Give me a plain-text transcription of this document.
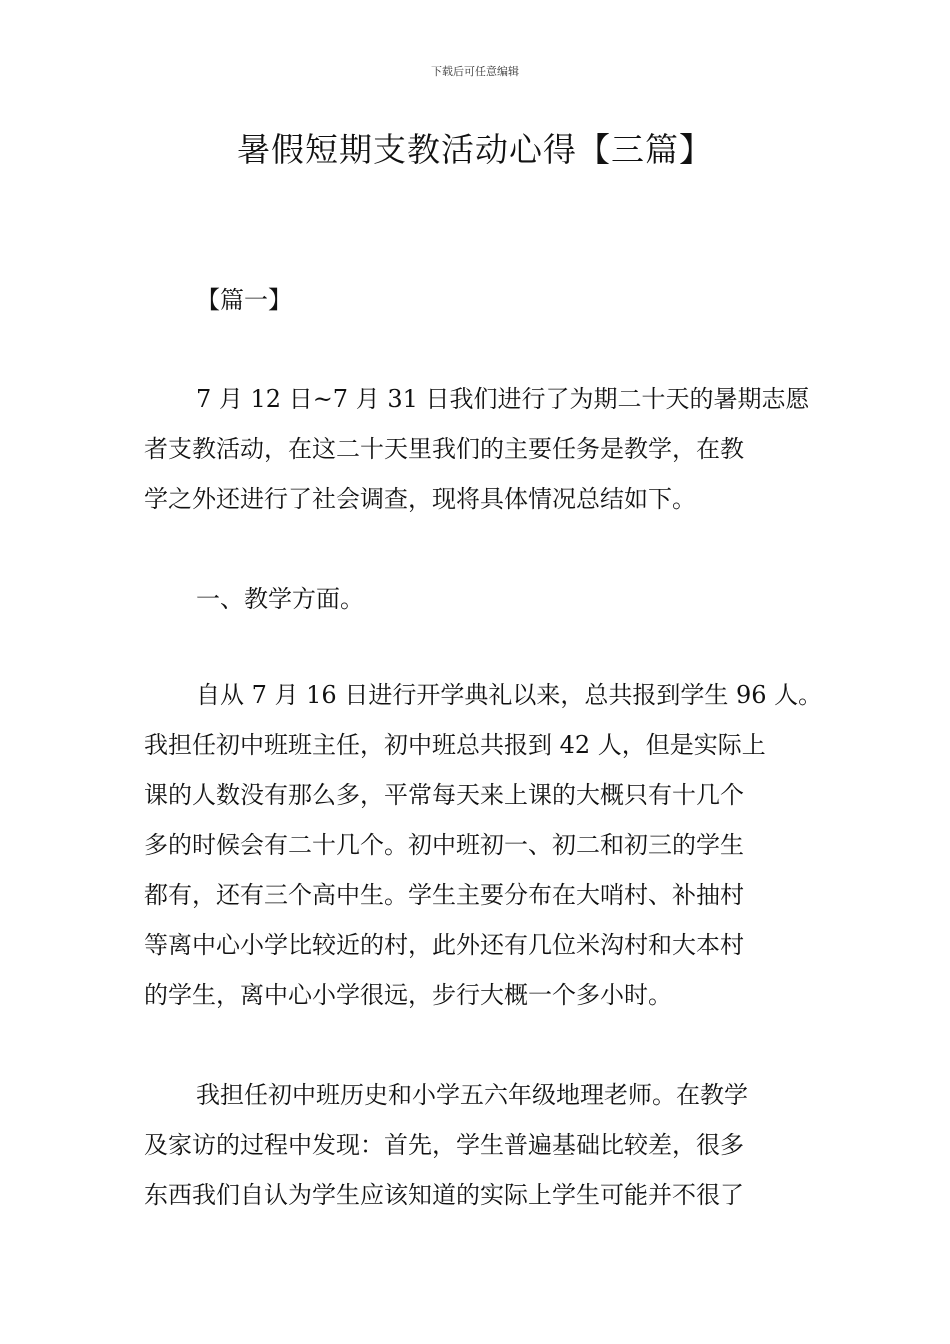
下载后可任意编辑
暑假短期支教活动心得【三篇】

【篇一】

7 月 12 日~7 月 31 日我们进行了为期二十天的暑期志愿
者支教活动，在这二十天里我们的主要任务是教学，在教
学之外还进行了社会调查，现将具体情况总结如下。

一、教学方面。

自从 7 月 16 日进行开学典礼以来，总共报到学生 96 人。
我担任初中班班主任，初中班总共报到 42 人，但是实际上
课的人数没有那么多，平常每天来上课的大概只有十几个
多的时候会有二十几个。初中班初一、初二和初三的学生
都有，还有三个高中生。学生主要分布在大哨村、补抽村
等离中心小学比较近的村，此外还有几位米沟村和大本村
的学生，离中心小学很远，步行大概一个多小时。

我担任初中班历史和小学五六年级地理老师。在教学
及家访的过程中发现：首先，学生普遍基础比较差，很多
东西我们自认为学生应该知道的实际上学生可能并不很了
